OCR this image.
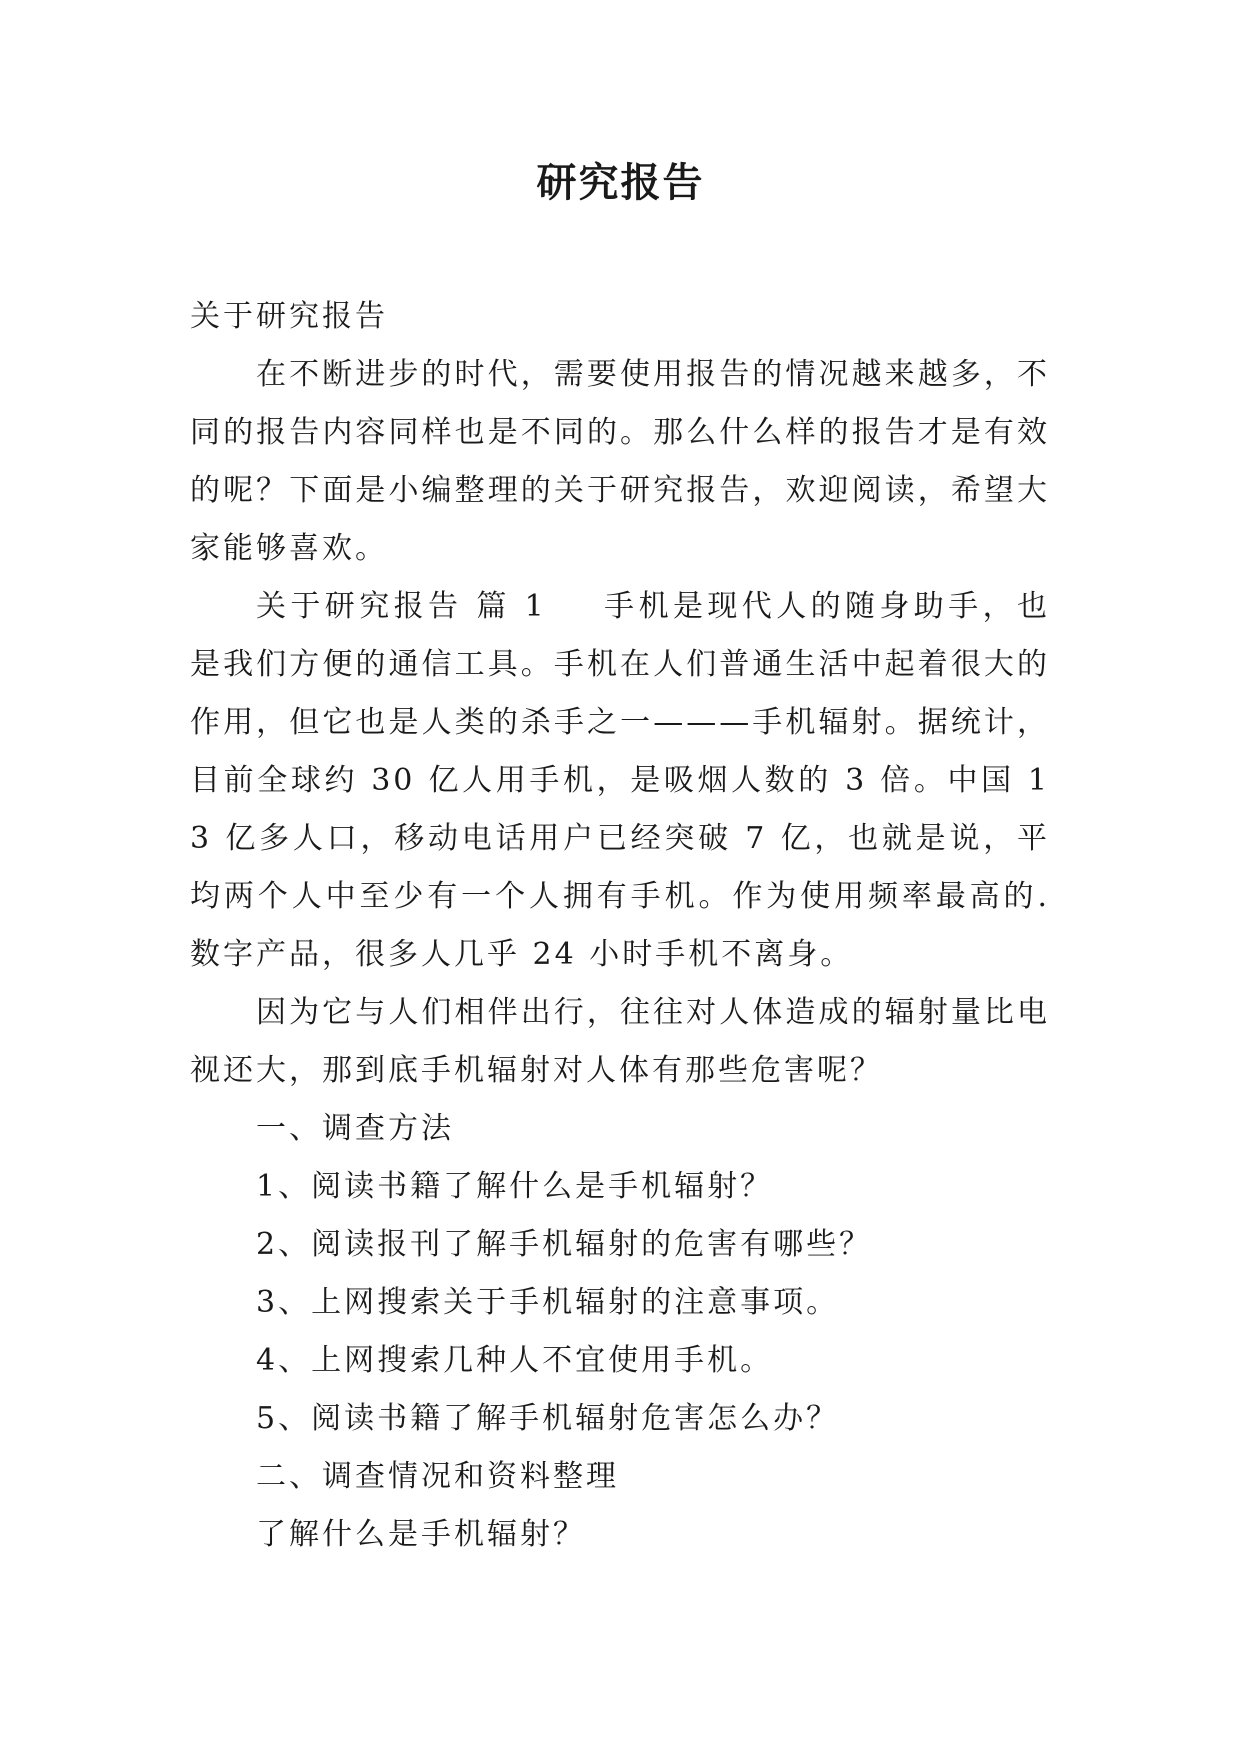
研究报告

关于研究报告

在不断进步的时代，需要使用报告的情况越来越多，不同的报告内容同样也是不同的。那么什么样的报告才是有效的呢？下面是小编整理的关于研究报告，欢迎阅读，希望大家能够喜欢。

关于研究报告 篇 1 手机是现代人的随身助手，也是我们方便的通信工具。手机在人们普通生活中起着很大的作用，但它也是人类的杀手之一———手机辐射。据统计，目前全球约 30 亿人用手机，是吸烟人数的 3 倍。中国 13 亿多人口，移动电话用户已经突破 7 亿，也就是说，平均两个人中至少有一个人拥有手机。作为使用频率最高的.数字产品，很多人几乎 24 小时手机不离身。

因为它与人们相伴出行，往往对人体造成的辐射量比电视还大，那到底手机辐射对人体有那些危害呢？

一、调查方法

1、阅读书籍了解什么是手机辐射？

2、阅读报刊了解手机辐射的危害有哪些？

3、上网搜索关于手机辐射的注意事项。

4、上网搜索几种人不宜使用手机。

5、阅读书籍了解手机辐射危害怎么办？

二、调查情况和资料整理

了解什么是手机辐射？
